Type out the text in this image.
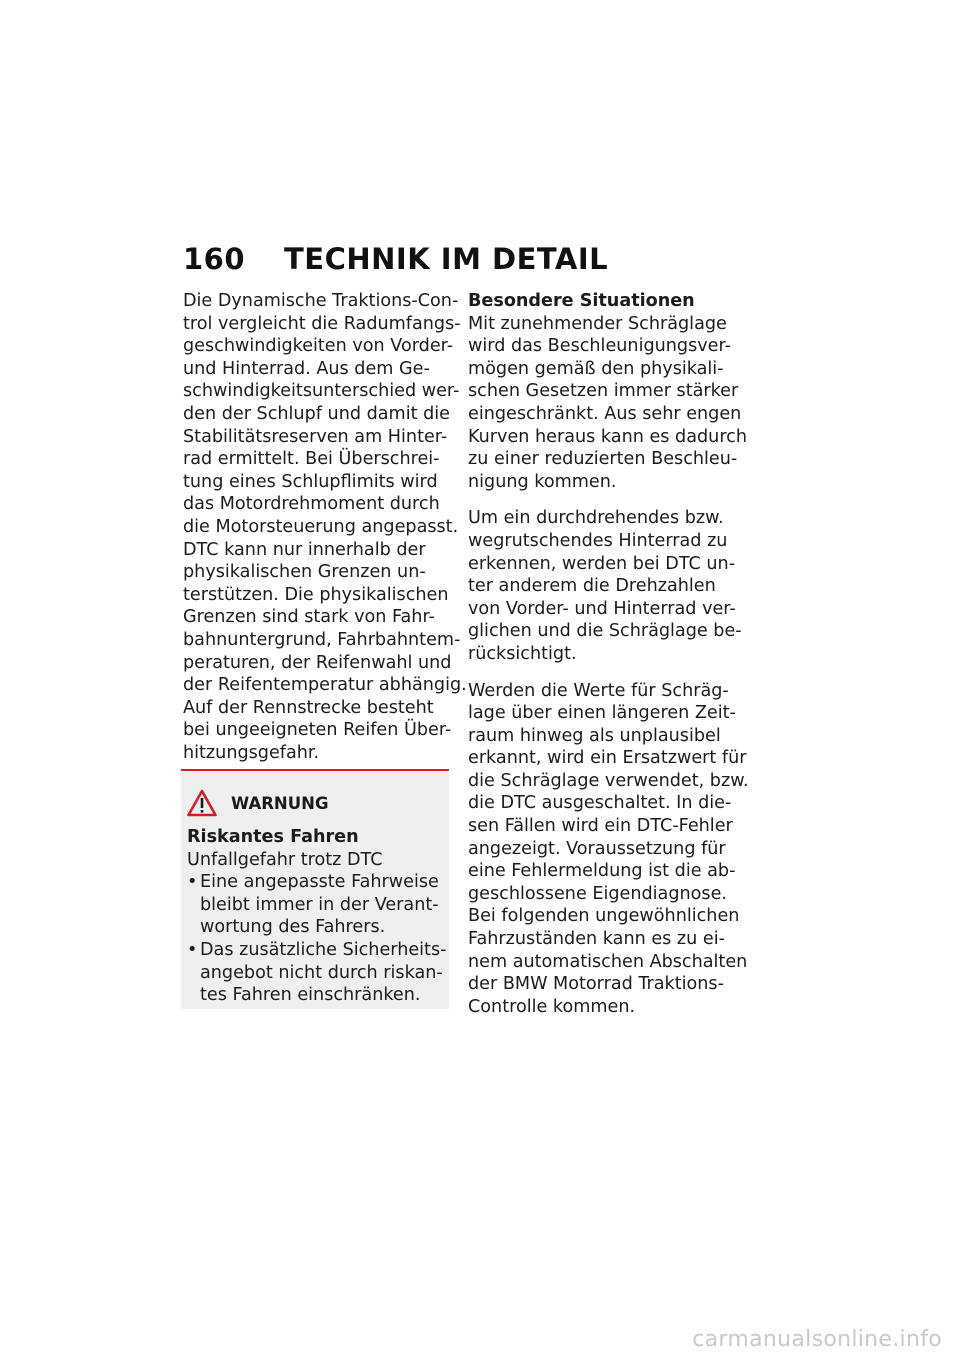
160	TECHNIK IM DETAIL
Die Dynamische Traktions-Con-
trol vergleicht die Radumfangs-
geschwindigkeiten von Vorder-
und Hinterrad. Aus dem Ge-
schwindigkeitsunterschied wer-
den der Schlupf und damit die
Stabilitätsreserven am Hinter-
rad ermittelt. Bei Überschrei-
tung eines Schlupflimits wird
das Motordrehmoment durch
die Motorsteuerung angepasst.
DTC kann nur innerhalb der
physikalischen Grenzen un-
terstützen. Die physikalischen
Grenzen sind stark von Fahr-
bahnuntergrund, Fahrbahntem-
peraturen, der Reifenwahl und
der Reifentemperatur abhängig.
Auf der Rennstrecke besteht
bei ungeeigneten Reifen Über-
hitzungsgefahr.
WARNUNG
Riskantes Fahren
Unfallgefahr trotz DTC
• Eine angepasste Fahrweise
bleibt immer in der Verant-
wortung des Fahrers.
• Das zusätzliche Sicherheits-
angebot nicht durch riskan-
tes Fahren einschränken.
Besondere Situationen
Mit zunehmender Schräglage
wird das Beschleunigungsver-
mögen gemäß den physikali-
schen Gesetzen immer stärker
eingeschränkt. Aus sehr engen
Kurven heraus kann es dadurch
zu einer reduzierten Beschleu-
nigung kommen.
Um ein durchdrehendes bzw.
wegrutschendes Hinterrad zu
erkennen, werden bei DTC un-
ter anderem die Drehzahlen
von Vorder- und Hinterrad ver-
glichen und die Schräglage be-
rücksichtigt.
Werden die Werte für Schräg-
lage über einen längeren Zeit-
raum hinweg als unplausibel
erkannt, wird ein Ersatzwert für
die Schräglage verwendet, bzw.
die DTC ausgeschaltet. In die-
sen Fällen wird ein DTC-Fehler
angezeigt. Voraussetzung für
eine Fehlermeldung ist die ab-
geschlossene Eigendiagnose.
Bei folgenden ungewöhnlichen
Fahrzuständen kann es zu ei-
nem automatischen Abschalten
der BMW Motorrad Traktions-
Controlle kommen.
carmanualsonline.info
